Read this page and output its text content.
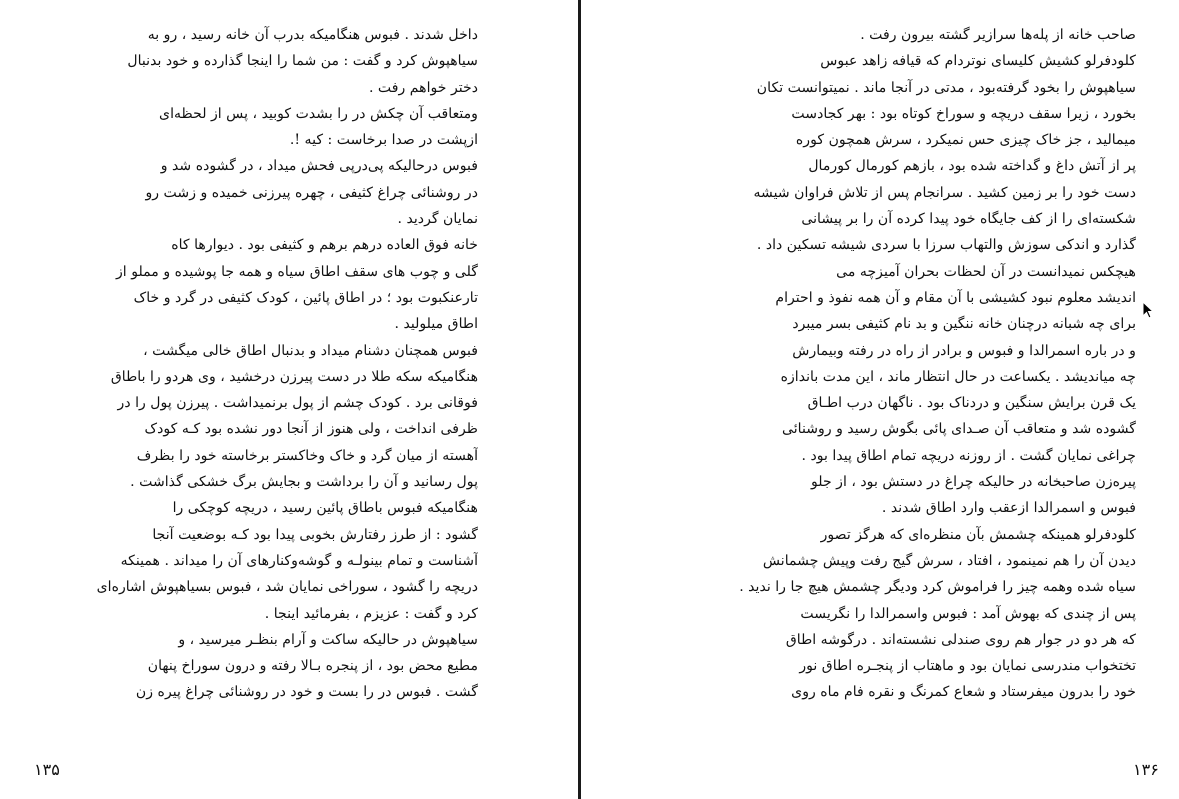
داخل شدند . فبوس هنگامیکه بدرب آن خانه رسید ، رو به
سیاهپوش کرد و گفت : من شما را اینجا گذارده و خود بدنبال
دختر خواهم رفت .
ومتعاقب آن چکش در را بشدت کوبید ، پس از لحظه‌ای
ازپشت در صدا برخاست : کیه !.
فبوس درحالیکه پی‌درپی فحش میداد ، در گشوده شد و
در روشنائی چراغ کثیفی ، چهره پیرزنی خمیده و زشت رو
نمایان گردید .
خانه فوق العاده درهم برهم و کثیفی بود . دیوارها کاه
گلی و چوب های سقف اطاق سیاه و همه جا پوشیده و مملو از
تارعنکبوت بود ؛ در اطاق پائین ، کودک کثیفی در گرد و خاک
اطاق میلولید .
فبوس همچنان دشنام میداد و بدنبال اطاق خالی میگشت ،
هنگامیکه سکه طلا در دست پیرزن درخشید ، وی هردو را باطاق
فوقانی برد . کودک چشم از پول برنمیداشت . پیرزن پول را در
ظرفی انداخت ، ولی هنوز از آنجا دور نشده بود کـه کودک
آهسته از میان گرد و خاک وخاکستر برخاسته خود را بظرف
پول رسانید و آن را برداشت و بجایش برگ خشکی گذاشت .
هنگامیکه فبوس باطاق پائین رسید ، دریچه کوچکی را
گشود : از طرز رفتارش بخوبی پیدا بود کـه بوضعیت آنجا
آشناست و تمام بینولـه و گوشه‌وکنارهای آن را میداند . همینکه
دریچه را گشود ، سوراخی نمایان شد ، فبوس بسیاهپوش اشاره‌ای
کرد و گفت : عزیزم ، بفرمائید اینجا .
سیاهپوش در حالیکه ساکت و آرام بنظـر میرسید ، و
مطیع محض بود ، از پنجره بـالا رفته و درون سوراخ پنهان
گشت . فبوس در را بست و خود در روشنائی چراغ پیره زن
۱۳۵
صاحب خانه از پله‌ها سرازیر گشته بیرون رفت .
کلودفرلو کشیش کلیسای نوتردام که قیافه زاهد عبوس
سیاهپوش را بخود گرفته‌بود ، مدتی در آنجا ماند . نمیتوانست تکان
بخورد ، زیرا سقف دریچه و سوراخ کوتاه بود : بهر کجادست
میمالید ، جز خاک چیزی حس نمیکرد ، سرش همچون کوره
پر از آتش داغ و گداخته شده بود ، بازهم کورمال کورمال
دست خود را بر زمین کشید . سرانجام پس از تلاش فراوان شیشه
شکسته‌ای را از کف جایگاه خود پیدا کرده آن را بر پیشانی
گذارد و اندکی سوزش والتهاب سرزا با سردی شیشه تسکین داد .
هیچکس نمیدانست در آن لحظات بحران آمیزچه می‌
اندیشد معلوم نبود کشیشی با آن مقام و آن همه نفوذ و احترام
برای چه شبانه درچنان خانه ننگین و بد نام کثیفی بسر میبرد
و در باره اسمرالدا و فبوس و برادر از راه در رفته وبیمارش
چه میاندیشد . یکساعت در حال انتظار ماند ، این مدت باندازه
یک قرن برایش سنگین و دردناک بود . ناگهان درب اطـاق
گشوده شد و متعاقب آن صـدای پائی بگوش رسید و روشنائی
چراغی نمایان گشت . از روزنه دریچه تمام اطاق پیدا بود .
پیره‌زن صاحبخانه در حالیکه چراغ در دستش بود ، از جلو
فبوس و اسمرالدا ازعقب وارد اطاق شدند .
کلودفرلو همینکه چشمش بآن منظره‌ای که هرگز تصور
دیدن آن را هم نمینمود ، افتاد ، سرش گیج رفت وپیش چشمانش
سیاه شده وهمه چیز را فراموش کرد ودیگر چشمش هیچ جا را ندید .
پس از چندی که بهوش آمد : فبوس واسمرالدا را نگریست
که هر دو در جوار هم روی صندلی نشسته‌اند . درگوشه اطاق
تختخواب مندرسی نمایان بود و ماهتاب از پنجـره اطاق نور
خود را بدرون میفرستاد و شعاع کمرنگ و نقره فام ماه روی
۱۳۶
